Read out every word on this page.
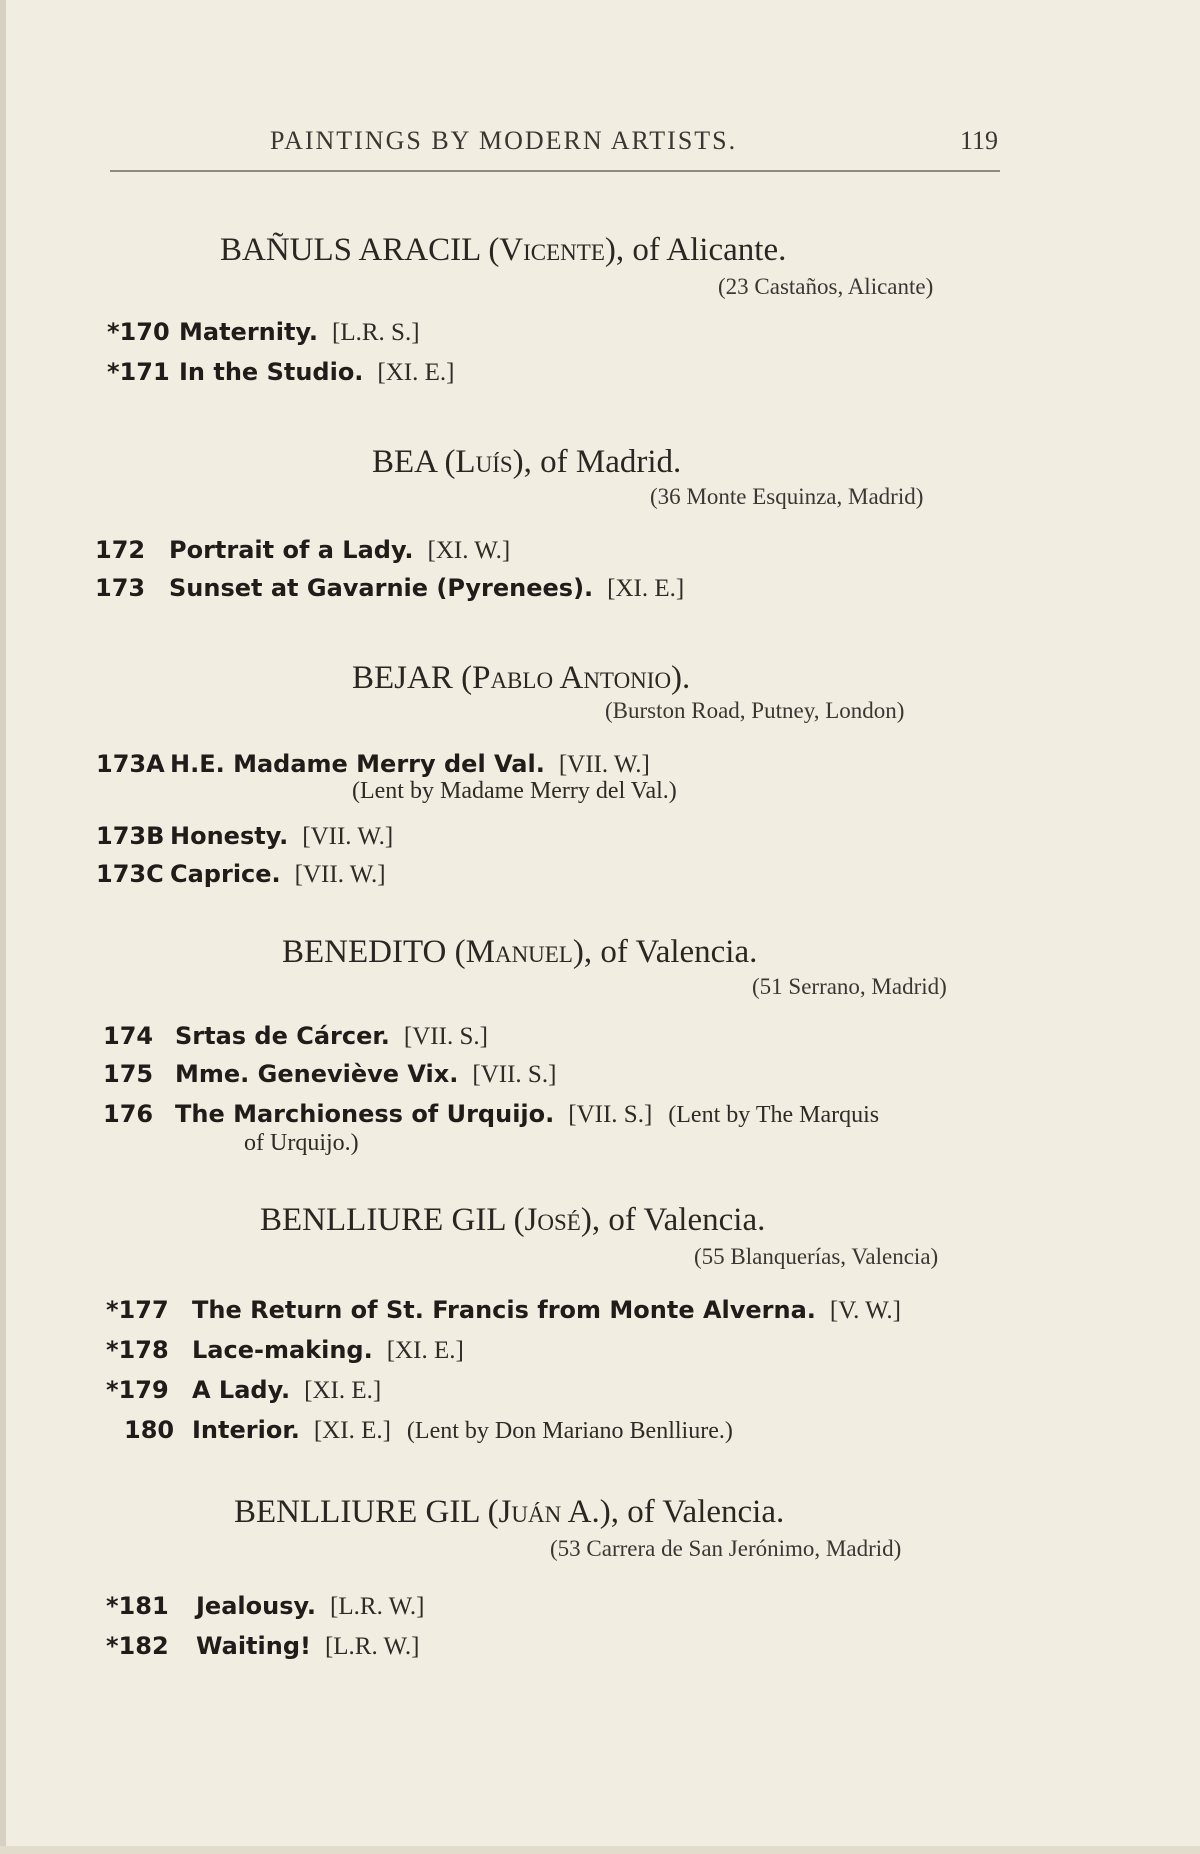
PAINTINGS BY MODERN ARTISTS.	119
BAÑULS ARACIL (Vicente), of Alicante.
(23 Castaños, Alicante)
*170 Maternity. [L.R. S.]
*171 In the Studio. [XI. E.]
BEA (Luís), of Madrid.
(36 Monte Esquinza, Madrid)
172 Portrait of a Lady. [XI. W.]
173 Sunset at Gavarnie (Pyrenees). [XI. E.]
BEJAR (Pablo Antonio).
(Burston Road, Putney, London)
173A H.E. Madame Merry del Val. [VII. W.]
(Lent by Madame Merry del Val.)
173B Honesty. [VII. W.]
173C Caprice. [VII. W.]
BENEDITO (Manuel), of Valencia.
(51 Serrano, Madrid)
174 Srtas de Cárcer. [VII. S.]
175 Mme. Geneviève Vix. [VII. S.]
176 The Marchioness of Urquijo. [VII. S.] (Lent by The Marquis
of Urquijo.)
BENLLIURE GIL (José), of Valencia.
(55 Blanquerías, Valencia)
*177 The Return of St. Francis from Monte Alverna. [V. W.]
*178 Lace-making. [XI. E.]
*179 A Lady. [XI. E.]
180 Interior. [XI. E.] (Lent by Don Mariano Benlliure.)
BENLLIURE GIL (Juán A.), of Valencia.
(53 Carrera de San Jerónimo, Madrid)
*181 Jealousy. [L.R. W.]
*182 Waiting! [L.R. W.]
